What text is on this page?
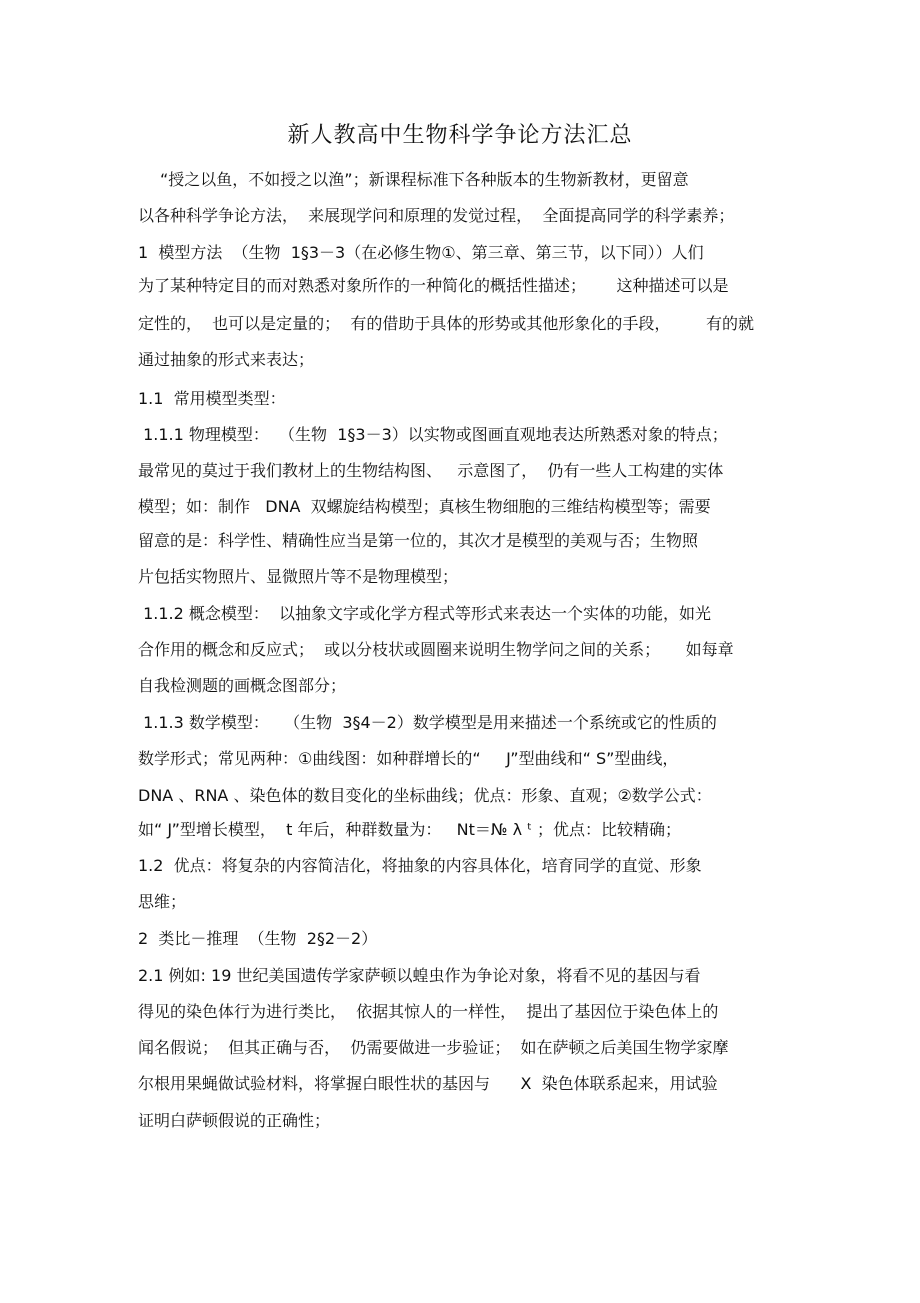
新人教高中生物科学争论方法汇总
“授之以鱼，不如授之以渔”；新课程标准下各种版本的生物新教材，更留意
以各种科学争论方法，  来展现学问和原理的发觉过程，  全面提高同学的科学素养；
1  模型方法  （生物  1§3－3（在必修生物①、第三章、第三节，以下同））人们
为了某种特定目的而对熟悉对象所作的一种简化的概括性描述；      这种描述可以是
定性的，  也可以是定量的；  有的借助于具体的形势或其他形象化的手段，       有的就
通过抽象的形式来表达；
1.1  常用模型类型：
1.1.1 物理模型：  （生物  1§3－3）以实物或图画直观地表达所熟悉对象的特点；
最常见的莫过于我们教材上的生物结构图、   示意图了，  仍有一些人工构建的实体
模型；如：制作   DNA  双螺旋结构模型；真核生物细胞的三维结构模型等；需要
留意的是：科学性、精确性应当是第一位的，其次才是模型的美观与否；生物照
片包括实物照片、显微照片等不是物理模型；
1.1.2 概念模型：  以抽象文字或化学方程式等形式来表达一个实体的功能，如光
合作用的概念和反应式；  或以分枝状或圆圈来说明生物学问之间的关系；     如每章
自我检测题的画概念图部分；
1.1.3 数学模型：   （生物  3§4－2）数学模型是用来描述一个系统或它的性质的
数学形式；常见两种：①曲线图：如种群增长的“     J”型曲线和“ S”型曲线，
DNA 、RNA 、染色体的数目变化的坐标曲线；优点：形象、直观；②数学公式：
如“ J”型增长模型，  t 年后，种群数量为：   Nt＝№ λ ᵗ ；优点：比较精确；
1.2  优点：将复杂的内容简洁化，将抽象的内容具体化，培育同学的直觉、形象
思维；
2  类比－推理  （生物  2§2－2）
2.1 例如: 19 世纪美国遗传学家萨顿以蝗虫作为争论对象，将看不见的基因与看
得见的染色体行为进行类比，  依据其惊人的一样性，  提出了基因位于染色体上的
闻名假说；  但其正确与否，  仍需要做进一步验证；  如在萨顿之后美国生物学家摩
尔根用果蝇做试验材料，将掌握白眼性状的基因与      X  染色体联系起来，用试验
证明白萨顿假说的正确性；
